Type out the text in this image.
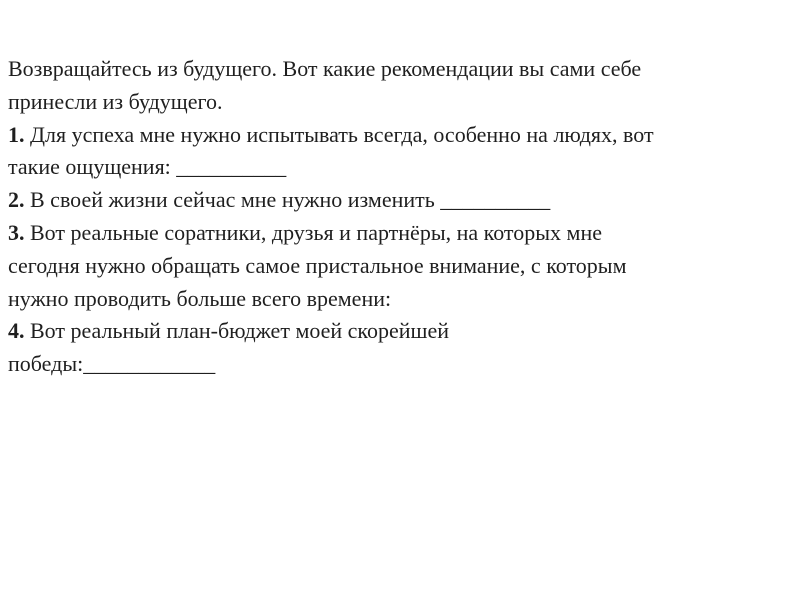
Возвращайтесь из будущего. Вот какие рекомендации вы сами себе
принесли из будущего.
1. Для успеха мне нужно испытывать всегда, особенно на людях, вот
такие ощущения: __________
2. В своей жизни сейчас мне нужно изменить __________
3. Вот реальные соратники, друзья и партнёры, на которых мне
сегодня нужно обращать самое пристальное внимание, с которым
нужно проводить больше всего времени:
4. Вот реальный план-бюджет моей скорейшей
победы:____________
